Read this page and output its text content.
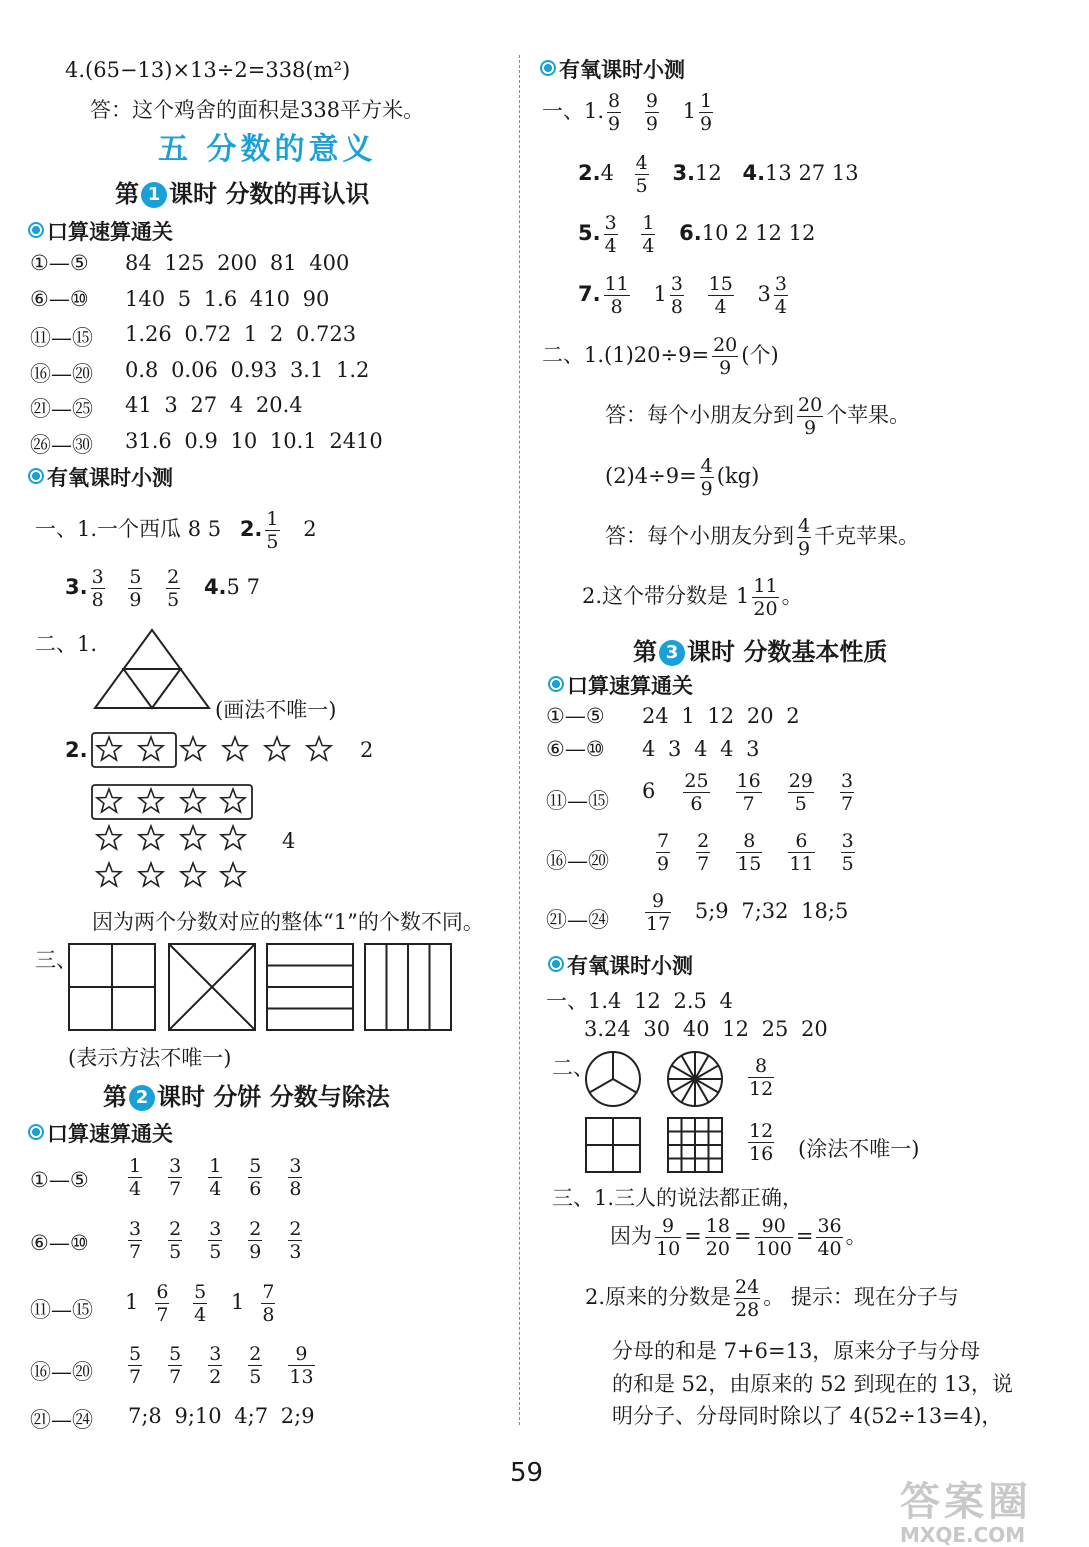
4.(65−13)×13÷2=338(m²)
答：这个鸡舍的面积是338平方米。
五 分数的意义
第 1 课时 分数的再认识
口算速算通关
①—⑤ 84 125 200 81 400
⑥—⑩ 140 5 1.6 410 90
⑪—⑮ 1.26 0.72 1 2 0.723
⑯—⑳ 0.8 0.06 0.93 3.1 1.2
㉑—㉕ 41 3 27 4 20.4
㉖—㉚ 31.6 0.9 10 10.1 2410
有氧课时小测
一、1.一个西瓜 8 5 2. $\frac{1}{5} 2$
3. $\frac{3}{8}$
$\frac{5}{9}$
$\frac{2}{5} 4.5$ 7
二、1.
(画法不唯一)
2.	2
4
因为两个分数对应的整体“1”的个数不同。
三、
(表示方法不唯一)
第 2 课时 分饼 分数与除法
口算速算通关
①—⑤ $\frac{1}{4} \frac{3}{7} \frac{1}{4} \frac{5}{6} \frac{3}{8}$
⑥—⑩ $\frac{3}{7} \frac{2}{5} \frac{3}{5} \frac{2}{9} \frac{2}{3}$
⑪—⑮ $1 \frac{6}{7}$
$\frac{5}{4} 1 \frac{7}{8}$
⑯—⑳ $\frac{5}{7} \frac{5}{7} \frac{3}{2} \frac{2}{5} \frac{9}{13}$
㉑—㉔ 7;8 9;10 4;7 2;9
有氧课时小测
一、1. $\frac{8}{9}$
$\frac{9}{9} 1 \frac{1}{9}$
$2.4 \frac{4}{5} 3.12$ 4.13 27 13
5. $\frac{3}{4}$
$\frac{1}{4} 6.10$ 2 12 12
7. $\frac{11}{8} 1 \frac{3}{8}$
$\frac{15}{4} 3 \frac{3}{4}$
二、$1.(1)20\div 9= \frac{20}{9}$ (个)
答：每个小朋友分到 $\frac{20}{9}$ 个苹果。
$(2)4\div 9= \frac{4}{9} (kg)$
答：每个小朋友分到 $\frac{4}{9}$ 千克苹果。
2.这个带分数是 $1 \frac{11}{20}$ 。
第 3 课时 分数基本性质
口算速算通关
①—⑤ 24 1 12 20 2
⑥—⑩ 4 3 4 4 3
⑪—⑮ $6 \frac{25}{6} \frac{16}{7} \frac{29}{5} \frac{3}{7}$
⑯—⑳ $\frac{7}{9} \frac{2}{7} \frac{8}{15} \frac{6}{11} \frac{3}{5}$
㉑—㉔ $\frac{9}{17}$ 5;9 7;32 18;5
有氧课时小测
一、1.4 12 2.5 4
3.24 30 40 12 25 20
二、	$\frac{8}{12}$
$\frac{12}{16}$ (涂法不唯一)
三、1.三人的说法都正确，
因为 $\frac{9}{10} = \frac{18}{20} = \frac{90}{100} = \frac{36}{40}$ 。
2.原来的分数是 $\frac{24}{28}$ 。 提示：现在分子与
分母的和是 7+6=13，原来分子与分母
的和是 52，由原来的 52 到现在的 13，说
明分子、分母同时除以了 4(52÷13=4)，
59
答案圈
MXQE.COM
